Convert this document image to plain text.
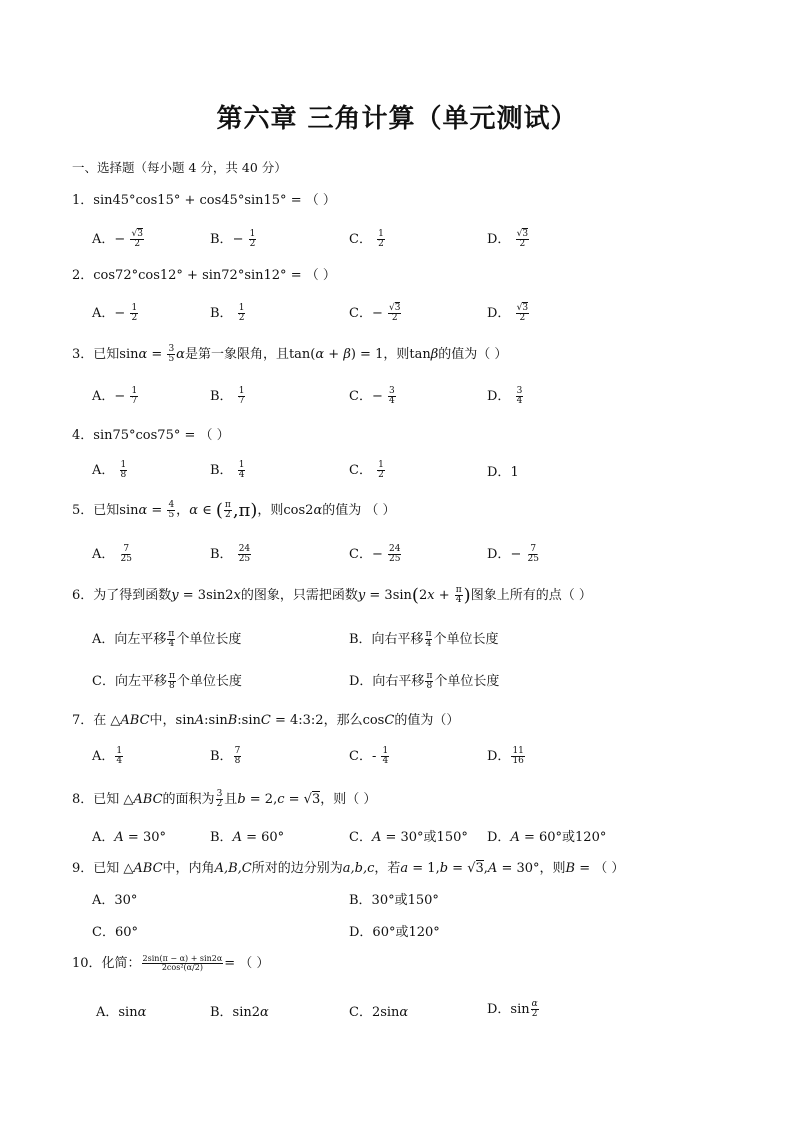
第六章 三角计算（单元测试）
一、选择题（每小题 4 分，共 40 分）
1．sin45°cos15° + cos45°sin15° = （ ）
A．− $\frac{√3}{2}$	B．− $\frac{1}{2}$	C． $\frac{1}{2}$	D． $\frac{√3}{2}$
2．cos72°cos12° + sin72°sin12° = （ ）
A．− $\frac{1}{2}$	B． $\frac{1}{2}$	C．− $\frac{√3}{2}$	D． $\frac{√3}{2}$
3．已知$\sin\alpha = \frac{3}{5}$ α是第一象限角，且tan(α + β) = 1，则tanβ的值为（ ）
A．− $\frac{1}{7}$	B． $\frac{1}{7}$	C．− $\frac{3}{4}$	D． $\frac{3}{4}$
4．sin75°cos75° = （ ）
A． $\frac{1}{8}$	B． $\frac{1}{4}$	C． $\frac{1}{2}$	D．1
5．已知$\sin\alpha = \frac{4}{5}$ ，α ∈ ( $\frac{\pi}{2} ,\pi$)，则cos2α的值为 （ ）
A． $\frac{7}{25}$	B． $\frac{24}{25}$	C．− $\frac{24}{25}$	D．− $\frac{7}{25}$
6．为了得到函数y = 3sin2x的图象，只需把函数$y = 3\sin(2x + \frac{\pi}{4}$ )图象上所有的点（ ）
A．向左平移 $\frac{\pi}{4}$ 个单位长度	B．向右平移 $\frac{\pi}{4}$ 个单位长度
C．向左平移 $\frac{\pi}{8}$ 个单位长度	D．向右平移 $\frac{\pi}{8}$ 个单位长度
7．在 △ABC中，sinA:sinB:sinC = 4:3:2，那么cosC的值为（）
A． $\frac{1}{4}$	B． $\frac{7}{8}$	C．- $\frac{1}{4}$	D． $\frac{11}{16}$
8．已知 △ABC的面积为 $\frac{3}{2}$ 且b = 2,c = √3，则（ ）
A．A = 30°	B．A = 60°	C．A = 30°或150° D．A = 60°或120°
9．已知 △ABC中，内角A,B,C所对的边分别为a,b,c，若a = 1,b = √3,A = 30°，则B = （ ）
A．30°	B．30°或150°
C．60°	D．60°或120°
10．化简： $\frac{2\sin(\pi - \alpha) + \sin 2\alpha}{\text{2cos²(α/2)}}$ = （ ）
A．sinα	B．sin2α	C．2sinα	D．$\sin \frac{\alpha}{2}$
